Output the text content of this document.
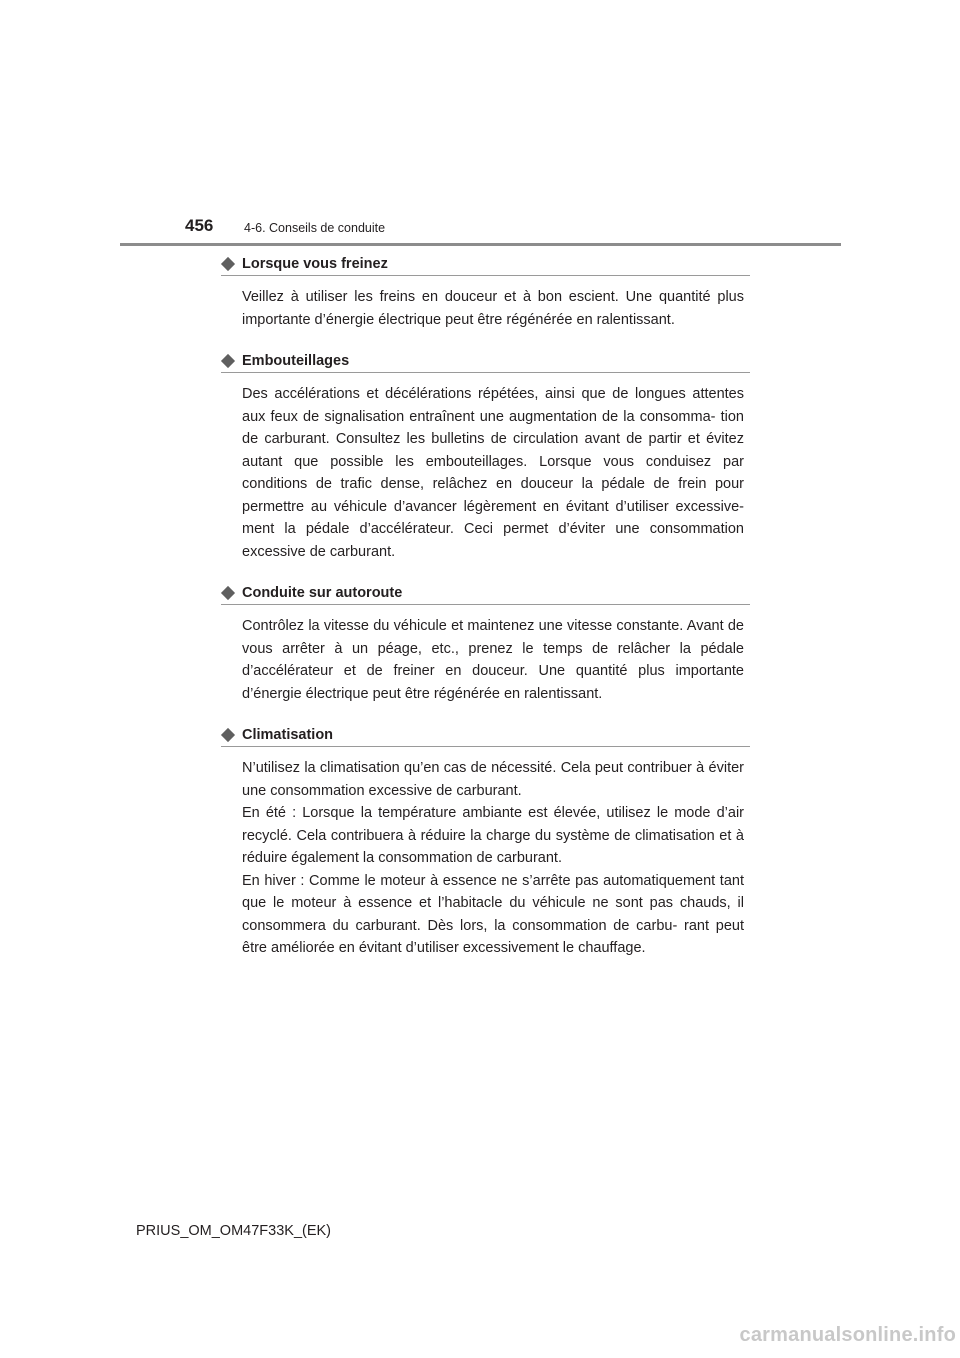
456 4-6. Conseils de conduite
Lorsque vous freinez

Veillez à utiliser les freins en douceur et à bon escient. Une quantité plus importante d’énergie électrique peut être régénérée en ralentissant.

Embouteillages

Des accélérations et décélérations répétées, ainsi que de longues attentes aux feux de signalisation entraînent une augmentation de la consomma- tion de carburant. Consultez les bulletins de circulation avant de partir et évitez autant que possible les embouteillages. Lorsque vous conduisez par conditions de trafic dense, relâchez en douceur la pédale de frein pour permettre au véhicule d’avancer légèrement en évitant d’utiliser excessive- ment la pédale d’accélérateur. Ceci permet d’éviter une consommation excessive de carburant.

Conduite sur autoroute

Contrôlez la vitesse du véhicule et maintenez une vitesse constante. Avant de vous arrêter à un péage, etc., prenez le temps de relâcher la pédale d’accélérateur et de freiner en douceur. Une quantité plus importante d’énergie électrique peut être régénérée en ralentissant.

Climatisation

N’utilisez la climatisation qu’en cas de nécessité. Cela peut contribuer à éviter une consommation excessive de carburant.

En été : Lorsque la température ambiante est élevée, utilisez le mode d’air recyclé. Cela contribuera à réduire la charge du système de climatisation et à réduire également la consommation de carburant.

En hiver : Comme le moteur à essence ne s’arrête pas automatiquement tant que le moteur à essence et l’habitacle du véhicule ne sont pas chauds, il consommera du carburant. Dès lors, la consommation de carbu- rant peut être améliorée en évitant d’utiliser excessivement le chauffage.

PRIUS_OM_OM47F33K_(EK)
carmanualsonline.info
